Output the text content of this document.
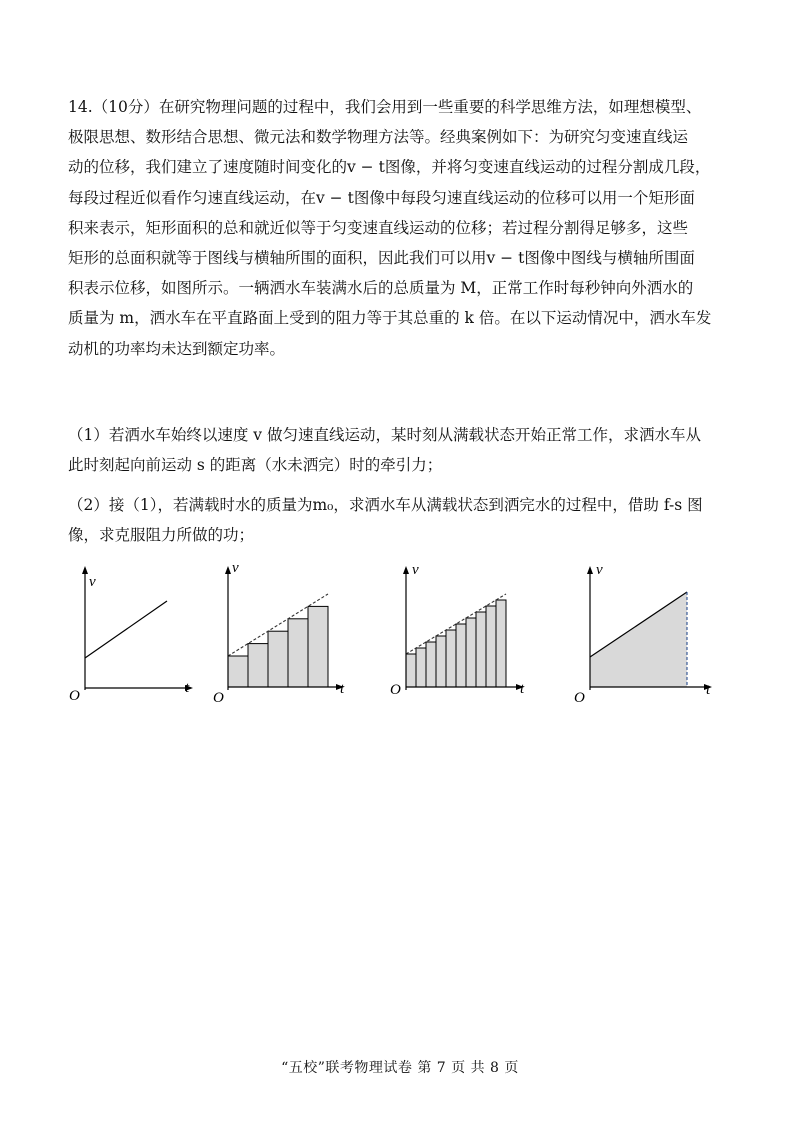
14.（10分）在研究物理问题的过程中，我们会用到一些重要的科学思维方法，如理想模型、
极限思想、数形结合思想、微元法和数学物理方法等。经典案例如下：为研究匀变速直线运
动的位移，我们建立了速度随时间变化的v − t图像，并将匀变速直线运动的过程分割成几段，
每段过程近似看作匀速直线运动，在v − t图像中每段匀速直线运动的位移可以用一个矩形面
积来表示，矩形面积的总和就近似等于匀变速直线运动的位移；若过程分割得足够多，这些
矩形的总面积就等于图线与横轴所围的面积，因此我们可以用v − t图像中图线与横轴所围面
积表示位移，如图所示。一辆洒水车装满水后的总质量为 M，正常工作时每秒钟向外洒水的
质量为 m，洒水车在平直路面上受到的阻力等于其总重的 k 倍。在以下运动情况中，洒水车发
动机的功率均未达到额定功率。

（1）若洒水车始终以速度 v 做匀速直线运动，某时刻从满载状态开始正常工作，求洒水车从
此时刻起向前运动 s 的距离（水未洒完）时的牵引力；

（2）接（1），若满载时水的质量为m₀，求洒水车从满载状态到洒完水的过程中，借助 f-s 图
像，求克服阻力所做的功；

v
t
O
v
t
O
v
t
O
v
t
O
“五校”联考物理试卷 第 7 页 共 8 页
